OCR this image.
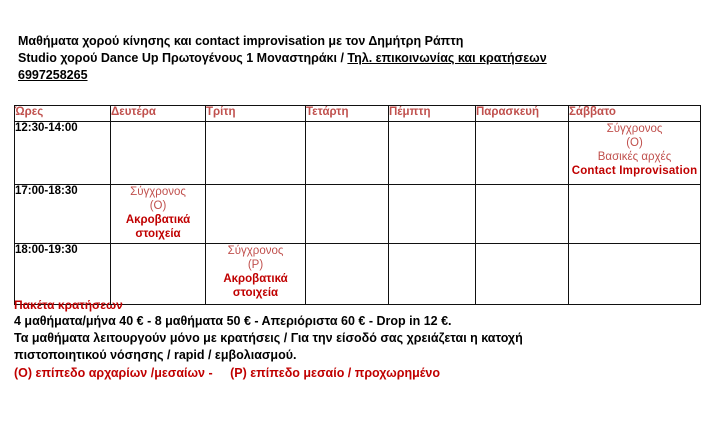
Μαθήματα χορού κίνησης και contact improvisation με τον Δημήτρη Ράπτη
Studio χορού Dance Up Πρωτογένους 1 Μοναστηράκι / Τηλ. επικοινωνίας και κρατήσεων
6997258265
Ώρες	Δευτέρα	Τρίτη	Τετάρτη	Πέμπτη	Παρασκευή	Σάββατο
12:30-14:00						Σύγχρονος
(Ο)
Βασικές αρχές
Contact Improvisation

17:00-18:30	Σύγχρονος
(Ο)
Ακροβατικά
στοιχεία					

18:00-19:30		Σύγχρονος
(Ρ)
Ακροβατικά
στοιχεία				

Πακέτα κρατήσεων
4 μαθήματα/μήνα 40 € - 8 μαθήματα 50 € - Απεριόριστα 60 € - Drop in 12 €.
Τα μαθήματα λειτουργούν μόνο με κρατήσεις / Για την είσοδό σας χρειάζεται η κατοχή
πιστοποιητικού νόσησης / rapid / εμβολιασμού.
(Ο) επίπεδο αρχαρίων /μεσαίων - (Ρ) επίπεδο μεσαίο / προχωρημένο
